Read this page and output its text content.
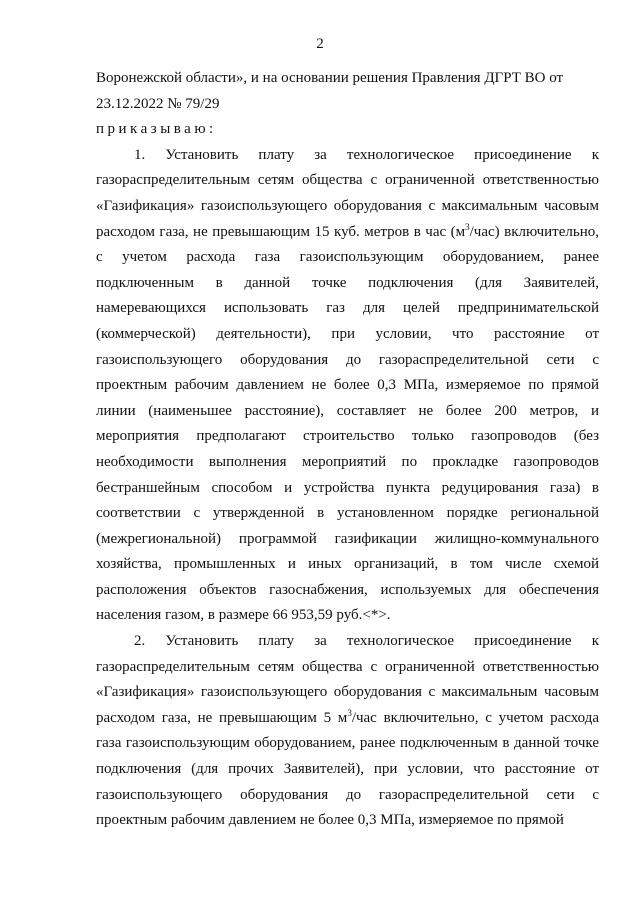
2

Воронежской области», и на основании решения Правления ДГРТ ВО от

23.12.2022 № 79/29

приказываю:

1. Установить плату за технологическое присоединение к газораспределительным сетям общества с ограниченной ответственностью «Газификация» газоиспользующего оборудования с максимальным часовым расходом газа, не превышающим 15 куб. метров в час $(м^3/час)$ включительно, с учетом расхода газа газоиспользующим оборудованием, ранее подключенным в данной точке подключения (для Заявителей, намеревающихся использовать газ для целей предпринимательской (коммерческой) деятельности), при условии, что расстояние от газоиспользующего оборудования до газораспределительной сети с проектным рабочим давлением не более 0,3 МПа, измеряемое по прямой линии (наименьшее расстояние), составляет не более 200 метров, и мероприятия предполагают строительство только газопроводов (без необходимости выполнения мероприятий по прокладке газопроводов бестраншейным способом и устройства пункта редуцирования газа) в соответствии с утвержденной в установленном порядке региональной (межрегиональной) программой газификации жилищно-коммунального хозяйства, промышленных и иных организаций, в том числе схемой расположения объектов газоснабжения, используемых для обеспечения населения газом, в размере 66 953,59 руб.<*>.

2. Установить плату за технологическое присоединение к газораспределительным сетям общества с ограниченной ответственностью «Газификация» газоиспользующего оборудования с максимальным часовым расходом газа, не превышающим 5 $м^3$/час включительно, с учетом расхода газа газоиспользующим оборудованием, ранее подключенным в данной точке подключения (для прочих Заявителей), при условии, что расстояние от газоиспользующего оборудования до газораспределительной сети с проектным рабочим давлением не более 0,3 МПа, измеряемое по прямой
